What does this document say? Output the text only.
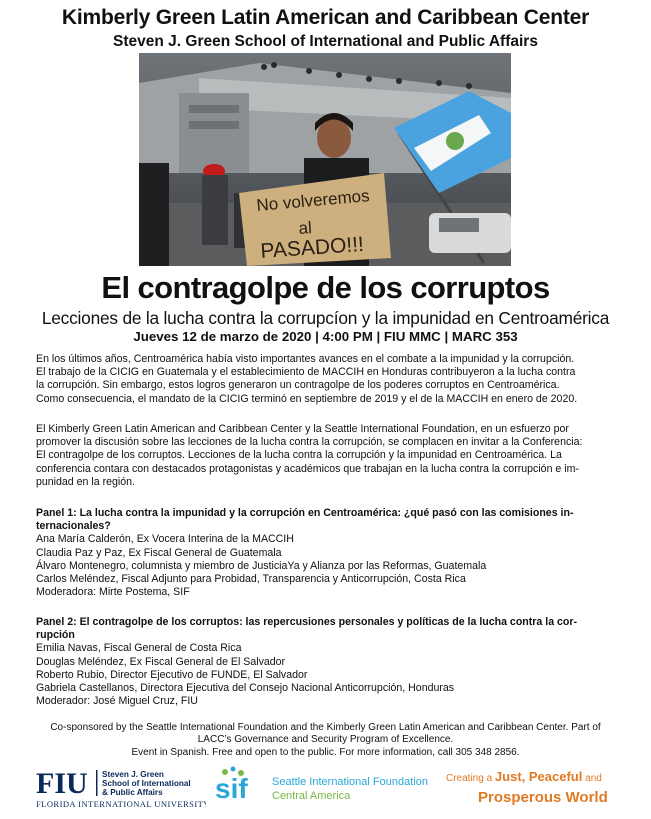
Kimberly Green Latin American and Caribbean Center
Steven J. Green School of International and Public Affairs
No volveremos
al
PASADO!!!
El contragolpe de los corruptos
Lecciones de la lucha contra la corrupcíon y la impunidad en Centroamérica
Jueves 12 de marzo de 2020 | 4:00 PM | FIU MMC | MARC 353

En los últimos años, Centroamérica había visto importantes avances en el combate a la impunidad y la corrupción.

El trabajo de la CICIG en Guatemala y el establecimiento de MACCIH en Honduras contribuyeron a la lucha contra

la corrupción. Sin embargo, estos logros generaron un contragolpe de los poderes corruptos en Centroamérica.

Como consecuencia, el mandato de la CICIG terminó en septiembre de 2019 y el de la MACCIH en enero de 2020.

El Kimberly Green Latin American and Caribbean Center y la Seattle International Foundation, en un esfuerzo por

promover la discusión sobre las lecciones de la lucha contra la corrupción, se complacen en invitar a la Conferencia:

El contragolpe de los corruptos. Lecciones de la lucha contra la corrupción y la impunidad en Centroamérica. La

conferencia contara con destacados protagonistas y académicos que trabajan en la lucha contra la corrupción e im-

punidad en la región.

Panel 1: La lucha contra la impunidad y la corrupción en Centroamérica: ¿qué pasó con las comisiones in-

ternacionales?

Ana María Calderón, Ex Vocera Interina de la MACCIH

Claudia Paz y Paz, Ex Fiscal General de Guatemala

Álvaro Montenegro, columnista y miembro de JusticiaYa y Alianza por las Reformas, Guatemala

Carlos Meléndez, Fiscal Adjunto para Probidad, Transparencia y Anticorrupción, Costa Rica

Moderadora: Mirte Postema, SIF

Panel 2: El contragolpe de los corruptos: las repercusiones personales y políticas de la lucha contra la cor-

rupción

Emilia Navas, Fiscal General de Costa Rica

Douglas Meléndez, Ex Fiscal General de El Salvador

Roberto Rubio, Director Ejecutivo de FUNDE, El Salvador

Gabriela Castellanos, Directora Ejecutiva del Consejo Nacional Anticorrupción, Honduras

Moderador: José Miguel Cruz, FIU

Co-sponsored by the Seattle International Foundation and the Kimberly Green Latin American and Caribbean Center. Part of
LACC’s Governance and Security Program of Excellence.
Event in Spanish. Free and open to the public. For more information, call 305 348 2856.
FIU Steven J. Green
School of International
& Public Affairs
FLORIDA INTERNATIONAL UNIVERSITY sif Seattle International Foundation
Central America
Creating a Just, Peaceful and
Prosperous World
